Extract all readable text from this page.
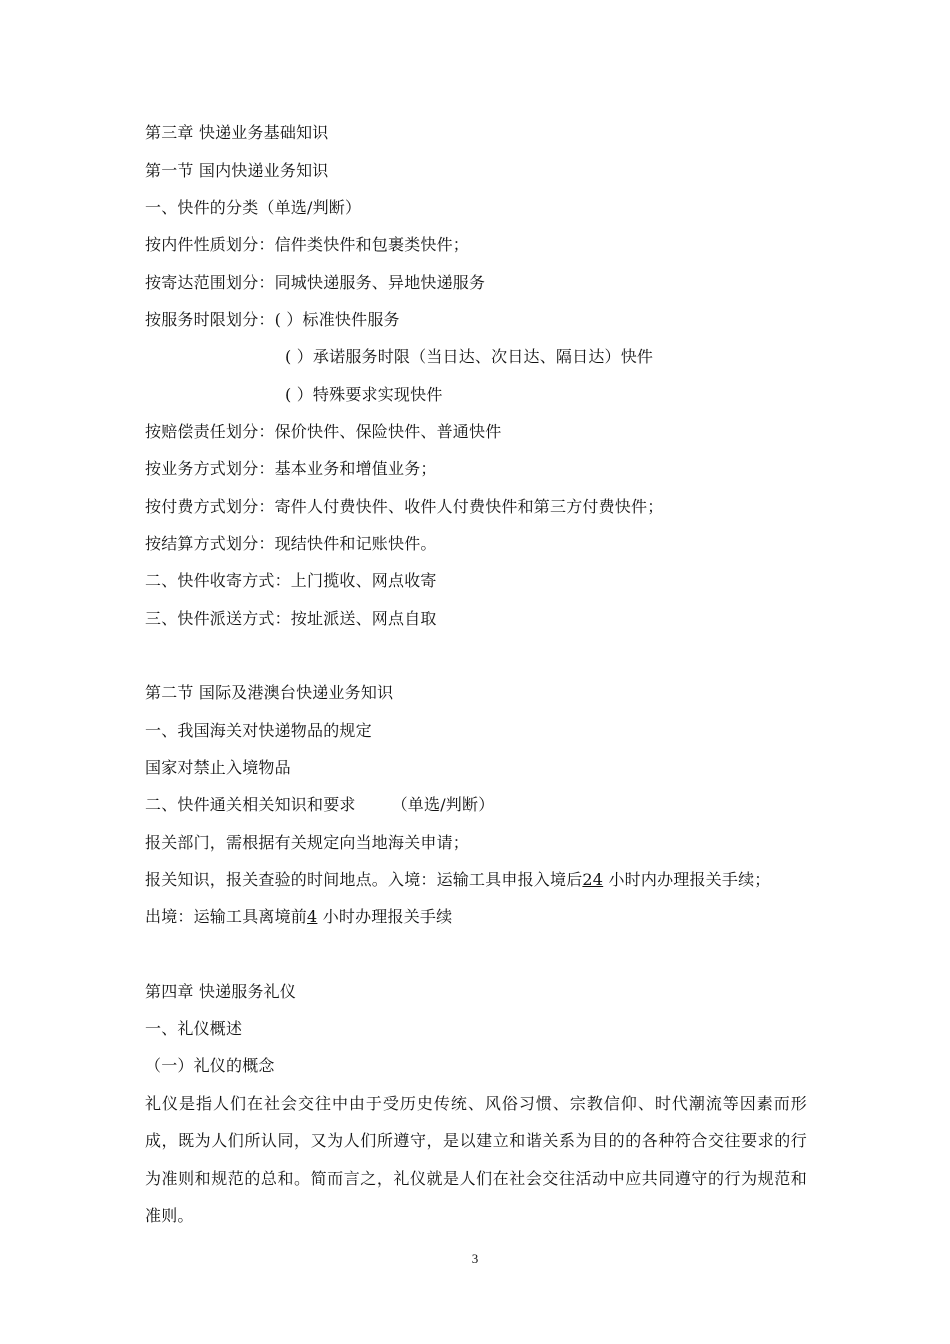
第三章 快递业务基础知识
第一节 国内快递业务知识
一、快件的分类（单选/判断）
按内件性质划分：信件类快件和包裹类快件；
按寄达范围划分：同城快递服务、异地快递服务
按服务时限划分：( ）标准快件服务
( ）承诺服务时限（当日达、次日达、隔日达）快件
( ）特殊要求实现快件
按赔偿责任划分：保价快件、保险快件、普通快件
按业务方式划分：基本业务和增值业务；
按付费方式划分：寄件人付费快件、收件人付费快件和第三方付费快件；
按结算方式划分：现结快件和记账快件。
二、快件收寄方式：上门揽收、网点收寄
三、快件派送方式：按址派送、网点自取
第二节 国际及港澳台快递业务知识
一、我国海关对快递物品的规定
国家对禁止入境物品
二、快件通关相关知识和要求 （单选/判断）
报关部门，需根据有关规定向当地海关申请；
报关知识，报关查验的时间地点。入境：运输工具申报入境后24 小时内办理报关手续；
出境：运输工具离境前4 小时办理报关手续
第四章 快递服务礼仪
一、礼仪概述
（一）礼仪的概念
礼仪是指人们在社会交往中由于受历史传统、风俗习惯、宗教信仰、时代潮流等因素而形成，既为人们所认同，又为人们所遵守，是以建立和谐关系为目的的各种符合交往要求的行为准则和规范的总和。简而言之，礼仪就是人们在社会交往活动中应共同遵守的行为规范和准则。
3
